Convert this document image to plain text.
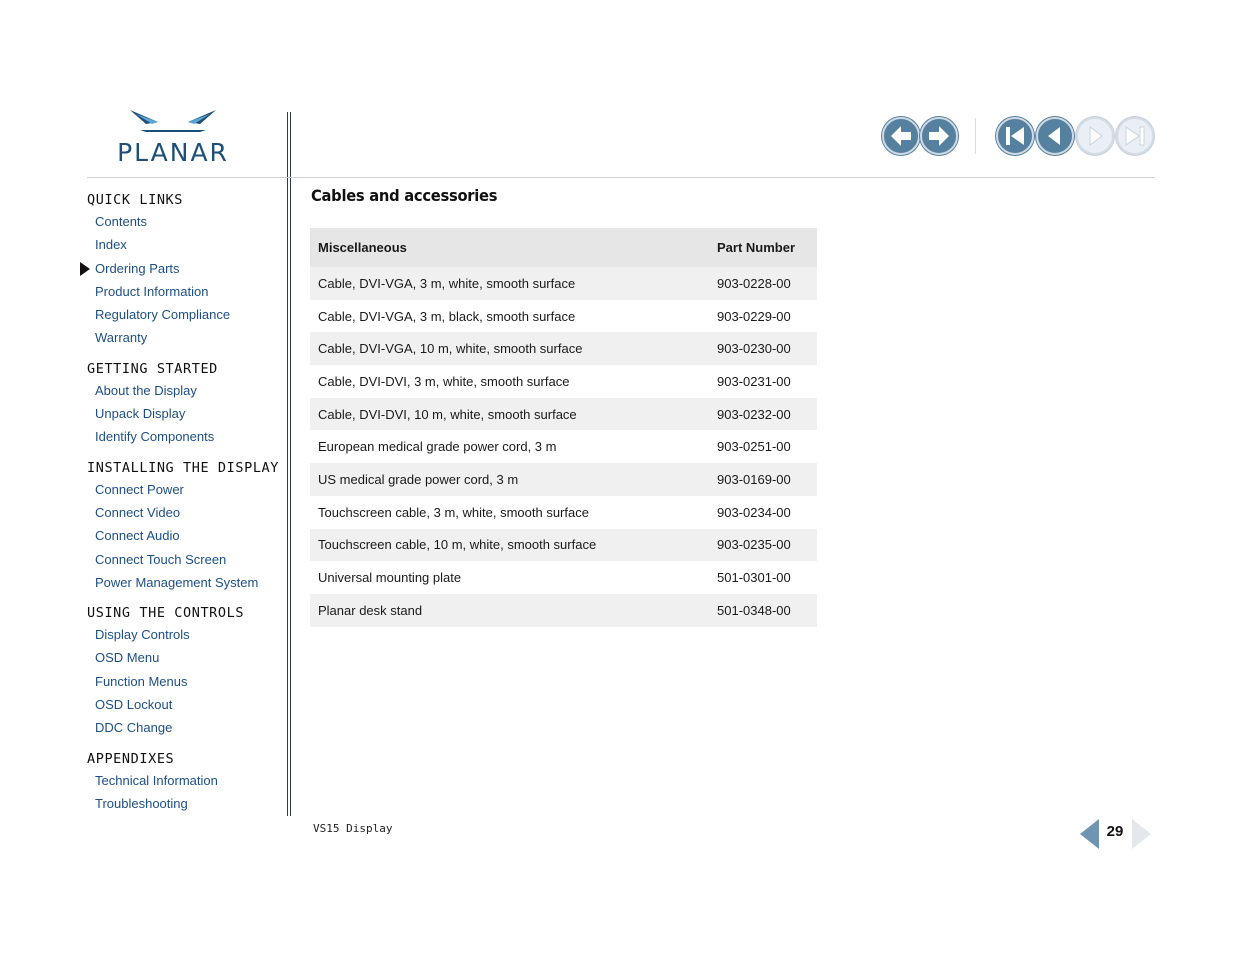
PLANAR
QUICK LINKS
Contents
Index
Ordering Parts
Product Information
Regulatory Compliance
Warranty
GETTING STARTED
About the Display
Unpack Display
Identify Components
INSTALLING THE DISPLAY
Connect Power
Connect Video
Connect Audio
Connect Touch Screen
Power Management System
USING THE CONTROLS
Display Controls
OSD Menu
Function Menus
OSD Lockout
DDC Change
APPENDIXES
Technical Information
Troubleshooting
Cables and accessories
Miscellaneous	Part Number
Cable, DVI-VGA, 3 m, white, smooth surface	903-0228-00
Cable, DVI-VGA, 3 m, black, smooth surface	903-0229-00
Cable, DVI-VGA, 10 m, white, smooth surface	903-0230-00
Cable, DVI-DVI, 3 m, white, smooth surface	903-0231-00
Cable, DVI-DVI, 10 m, white, smooth surface	903-0232-00
European medical grade power cord, 3 m	903-0251-00
US medical grade power cord, 3 m	903-0169-00
Touchscreen cable, 3 m, white, smooth surface	903-0234-00
Touchscreen cable, 10 m, white, smooth surface	903-0235-00
Universal mounting plate	501-0301-00
Planar desk stand	501-0348-00
VS15 Display	29
